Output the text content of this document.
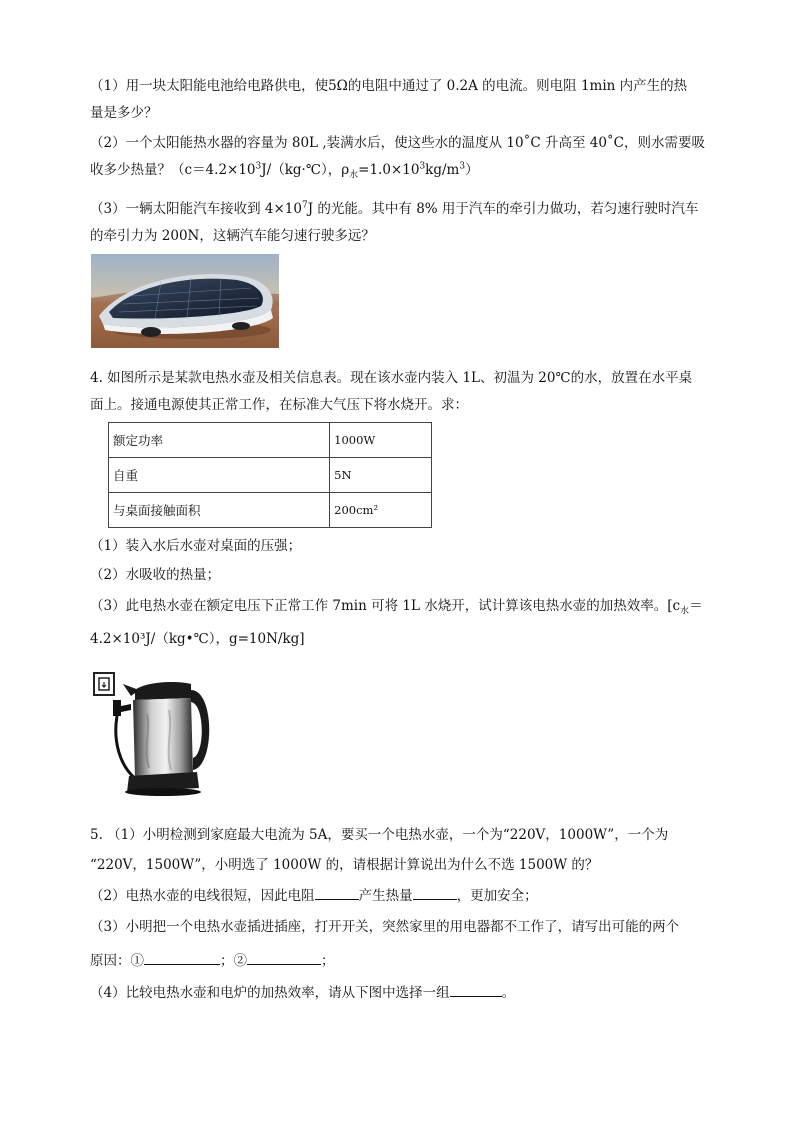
（1）用一块太阳能电池给电路供电，使5Ω的电阻中通过了 0.2A 的电流。则电阻 1min 内产生的热
量是多少？
（2）一个太阳能热水器的容量为 80L ,装满水后，使这些水的温度从 10˚C 升高至 40˚C，则水需要吸
收多少热量？（$c=4.2\times 10^3J/(kg\cdot℃)$，$\rho_水=1.0\times 10^3kg/m^3$）
（3）一辆太阳能汽车接收到 $4\times 10^7J$ 的光能。其中有 8% 用于汽车的牵引力做功，若匀速行驶时汽车
的牵引力为 200N，这辆汽车能匀速行驶多远？
4. 如图所示是某款电热水壶及相关信息表。现在该水壶内装入 1L、初温为 20℃的水，放置在水平桌
面上。接通电源使其正常工作，在标准大气压下将水烧开。求：
额定功率	1000W
自重	5N
与桌面接触面积	200cm²
（1）装入水后水壶对桌面的压强；
（2）水吸收的热量；
（3）此电热水壶在额定电压下正常工作 7min 可将 1L 水烧开，试计算该电热水壶的加热效率。[$c_水=$
4.2×10³J/（kg•℃），g=10N/kg]
5. （1）小明检测到家庭最大电流为 5A，要买一个电热水壶，一个为“220V，1000W”，一个为
“220V，1500W”，小明选了 1000W 的，请根据计算说出为什么不选 1500W 的？
（2）电热水壶的电线很短，因此电阻	产生热量	，更加安全；
（3）小明把一个电热水壶插进插座，打开开关，突然家里的用电器都不工作了，请写出可能的两个
原因：①	；②	；
（4）比较电热水壶和电炉的加热效率，请从下图中选择一组	。
